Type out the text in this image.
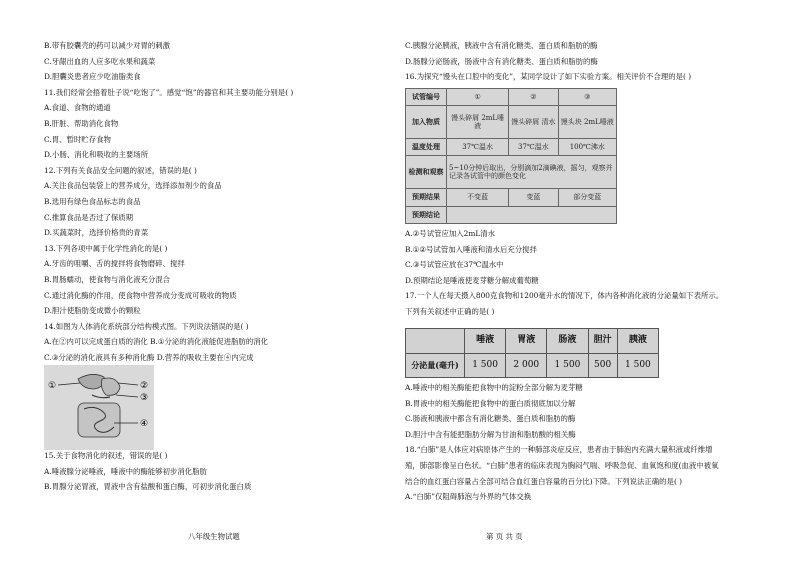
B.带有胶囊壳的药可以减少对胃的刺激
C.牙龈出血的人应多吃水果和蔬菜
D.胆囊炎患者应少吃油脂类食
11.我们经常会捂着肚子说“吃饱了”。感觉“饱”的器官和其主要功能分别是( )
A.食道、食物的通道
B.肝脏、帮助消化食物
C.胃、暂时贮存食物
D.小肠、消化和吸收的主要场所
12.下列有关食品安全问题的叙述，错误的是( )
A.关注食品包装袋上的营养成分，选择添加剂少的食品
B.选用有绿色食品标志的食品
C.推算食品是否过了保质期
D.买蔬菜时，选择价格贵的青菜
13.下列各项中属于化学性消化的是( )
A.牙齿的咀嚼、舌的搅拌将食物磨碎、搅拌
B.胃肠蠕动，使食物与消化液充分混合
C.通过消化酶的作用，使食物中营养成分变成可吸收的物质
D.胆汁使脂肪变成微小的颗粒
14.如图为人体消化系统部分结构模式图。下列说法错误的是( )
A.在②内可以完成蛋白质的消化 B.①分泌的消化液能促进脂肪的消化
C.③分泌的消化液具有多种消化酶 D.营养的吸收主要在④内完成
①	②
③
④
15.关于食物消化的叙述，错误的是( )
A.唾液腺分泌唾液，唾液中的酶能够初步消化脂肪
B.胃腺分泌胃液，胃液中含有盐酸和蛋白酶，可初步消化蛋白质
八年级生物试题
C.胰腺分泌胰液，胰液中含有消化糖类、蛋白质和脂肪的酶
D.肠腺分泌肠液，肠液中含有消化糖类、蛋白质和脂肪的酶
16.为探究“馒头在口腔中的变化”，某同学设计了如下实验方案。相关评价不合理的是( )
试管编号	①	②	③
加入物质	馒头碎屑 2mL唾液	馒头碎屑 清水	馒头块 2mL唾液
温度处理	37℃温水	37℃温水	100℃沸水
检测和观察	5~10分钟后取出，分别滴加2滴碘液，摇匀，观察并记录各试管中的颜色变化		
预期结果	不变蓝	变蓝	部分变蓝
预期结论			
A.②号试管应加入2mL清水
B.①②号试管加入唾液和清水后充分搅拌
C.③号试管应放在37℃温水中
D.预期结论是唾液使麦芽糖分解成葡萄糖
17.一个人在每天摄入800克食物和1200毫升水的情况下，体内各种消化液的分泌量如下表所示。
下列有关叙述中正确的是( )
	唾液	胃液	肠液	胆汁	胰液
分泌量(毫升)	1 500	2 000	1 500	500	1 500
A.唾液中的相关酶能把食物中的淀粉全部分解为麦芽糖
B.胃液中的相关酶能把食物中的蛋白质彻底加以分解
C.肠液和胰液中都含有消化糖类、蛋白质和脂肪的酶
D.胆汁中含有能把脂肪分解为甘油和脂肪酸的相关酶
18.“白肺”是人体应对病原体产生的一种肺部炎症反应，患者由于肺泡内充满大量积液或纤维增
殖，肺部影像呈白色状。“白肺”患者的临床表现为胸闷气喘、呼吸急促、血氧饱和度(血液中被氧
结合的血红蛋白容量占全部可结合血红蛋白容量的百分比)下降。下列说法正确的是( )
A.“白肺”仅阻碍肺泡与外界的气体交换
第 页 共 页
